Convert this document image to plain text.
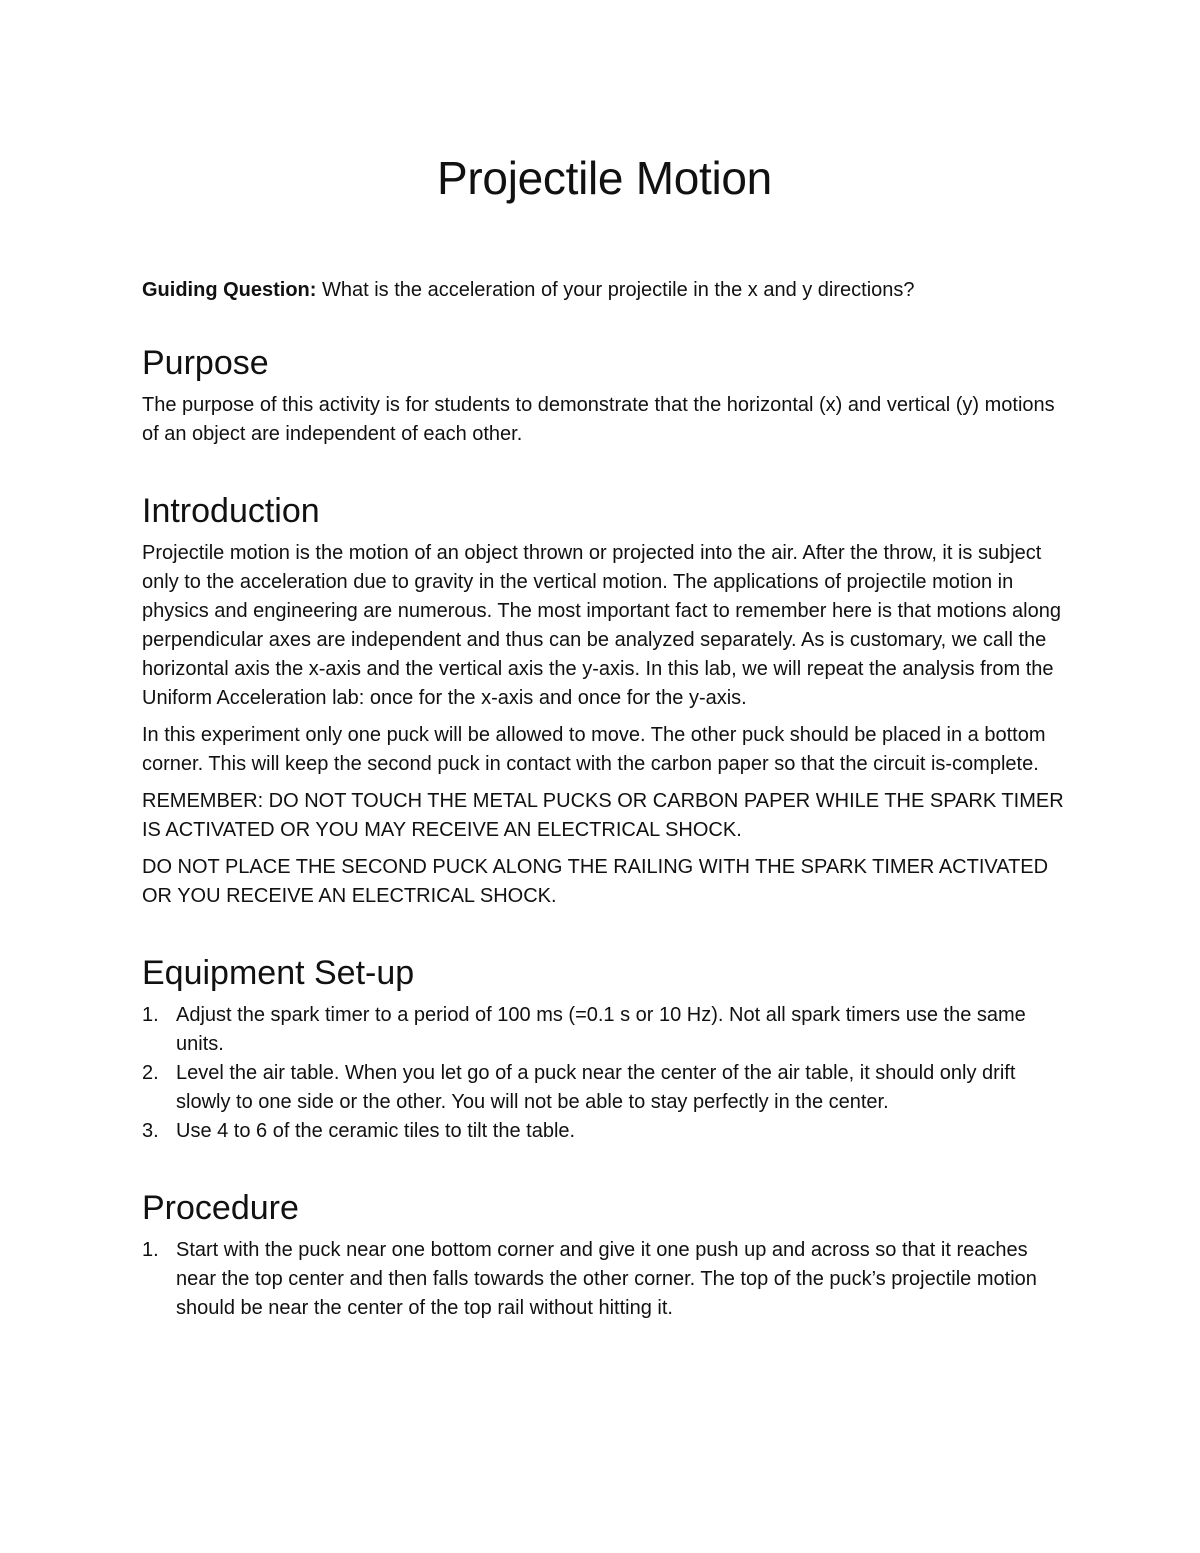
Projectile Motion

Guiding Question: What is the acceleration of your projectile in the x and y directions?

Purpose

The purpose of this activity is for students to demonstrate that the horizontal (x) and vertical (y) motions of an object are independent of each other.

Introduction

Projectile motion is the motion of an object thrown or projected into the air. After the throw, it is subject only to the acceleration due to gravity in the vertical motion. The applications of projectile motion in physics and engineering are numerous. The most important fact to remember here is that motions along perpendicular axes are independent and thus can be analyzed separately. As is customary, we call the horizontal axis the x-axis and the vertical axis the y-axis. In this lab, we will repeat the analysis from the Uniform Acceleration lab: once for the x-axis and once for the y-axis.

In this experiment only one puck will be allowed to move. The other puck should be placed in a bottom corner. This will keep the second puck in contact with the carbon paper so that the circuit is-complete.

REMEMBER: DO NOT TOUCH THE METAL PUCKS OR CARBON PAPER WHILE THE SPARK TIMER IS ACTIVATED OR YOU MAY RECEIVE AN ELECTRICAL SHOCK.

DO NOT PLACE THE SECOND PUCK ALONG THE RAILING WITH THE SPARK TIMER ACTIVATED OR YOU RECEIVE AN ELECTRICAL SHOCK.

Equipment Set-up
1. Adjust the spark timer to a period of 100 ms (=0.1 s or 10 Hz). Not all spark timers use the same units.
2. Level the air table. When you let go of a puck near the center of the air table, it should only drift slowly to one side or the other. You will not be able to stay perfectly in the center.
3. Use 4 to 6 of the ceramic tiles to tilt the table.
Procedure
1. Start with the puck near one bottom corner and give it one push up and across so that it reaches near the top center and then falls towards the other corner. The top of the puck’s projectile motion should be near the center of the top rail without hitting it.
